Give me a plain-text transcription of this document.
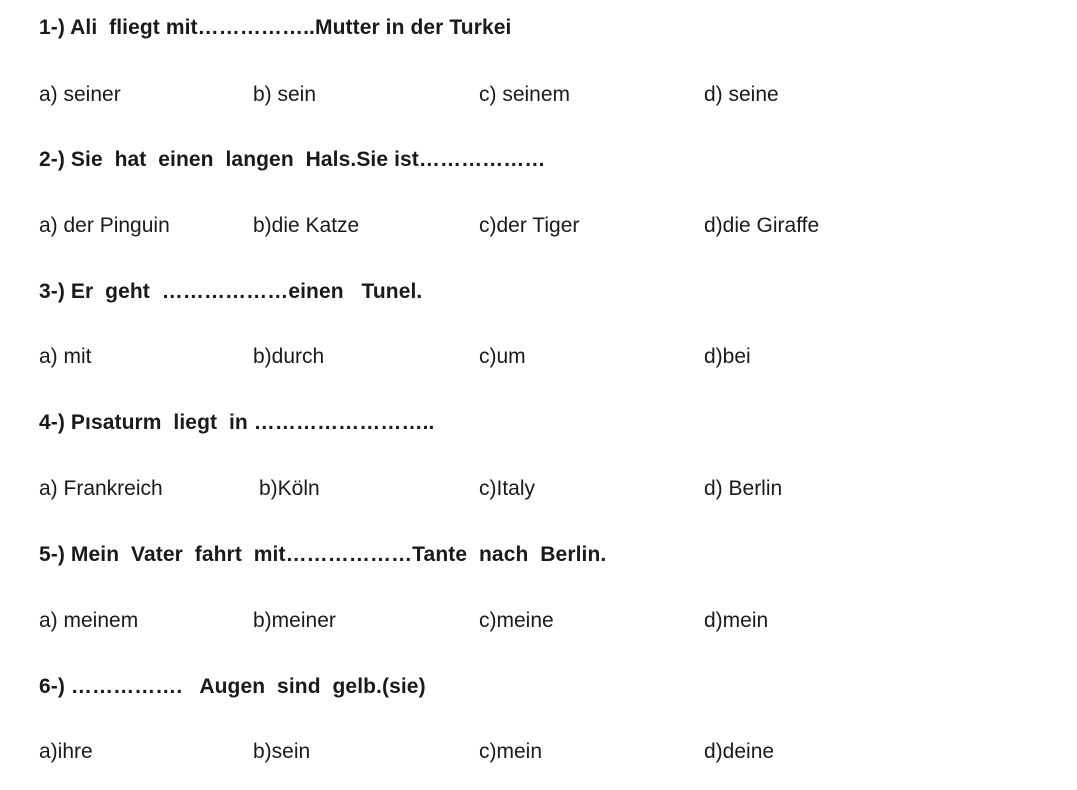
1-) Ali  fliegt mit……………..Mutter in der Turkei
a) seiner	b) sein	c) seinem	d) seine
2-) Sie  hat  einen  langen  Hals.Sie ist………………
a) der Pinguin	b)die Katze	c)der Tiger	d)die Giraffe
3-) Er  geht  ………………einen   Tunel.
a) mit	b)durch	c)um	d)bei
4-) Pısaturm  liegt  in ……………………..
a) Frankreich	b)Köln	c)Italy	d) Berlin
5-) Mein  Vater  fahrt  mit………………Tante  nach  Berlin.
a) meinem	b)meiner	c)meine	d)mein
6-) …………….   Augen  sind  gelb.(sie)
a)ihre	b)sein	c)mein	d)deine
